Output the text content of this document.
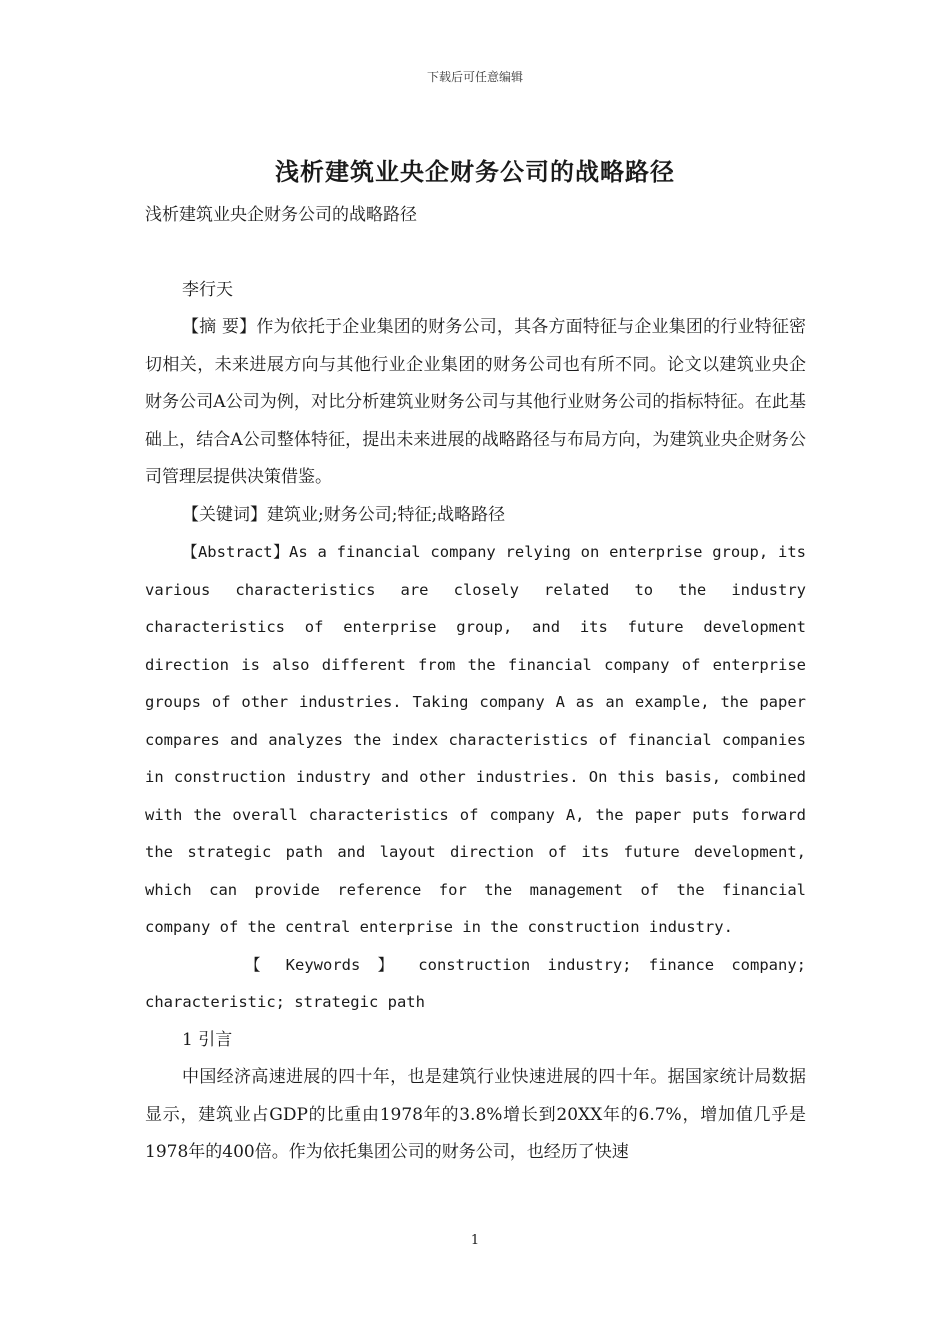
下载后可任意编辑
浅析建筑业央企财务公司的战略路径

浅析建筑业央企财务公司的战略路径

李行天

【摘 要】作为依托于企业集团的财务公司，其各方面特征与企业集团的行业特征密切相关，未来进展方向与其他行业企业集团的财务公司也有所不同。论文以建筑业央企财务公司A公司为例，对比分析建筑业财务公司与其他行业财务公司的指标特征。在此基础上，结合A公司整体特征，提出未来进展的战略路径与布局方向，为建筑业央企财务公司管理层提供决策借鉴。

【关键词】建筑业;财务公司;特征;战略路径

【Abstract】As a financial company relying on enterprise group, its various characteristics are closely related to the industry characteristics of enterprise group, and its future development direction is also different from the financial company of enterprise groups of other industries. Taking company A as an example, the paper compares and analyzes the index characteristics of financial companies in construction industry and other industries. On this basis, combined with the overall characteristics of company A, the paper puts forward the strategic path and layout direction of its future development, which can provide reference for the management of the financial company of the central enterprise in the construction industry.

【 Keywords 】 construction industry; finance company; characteristic; strategic path

1 引言

中国经济高速进展的四十年，也是建筑行业快速进展的四十年。据国家统计局数据显示，建筑业占GDP的比重由1978年的3.8%增长到20XX年的6.7%，增加值几乎是1978年的400倍。作为依托集团公司的财务公司，也经历了快速

1
